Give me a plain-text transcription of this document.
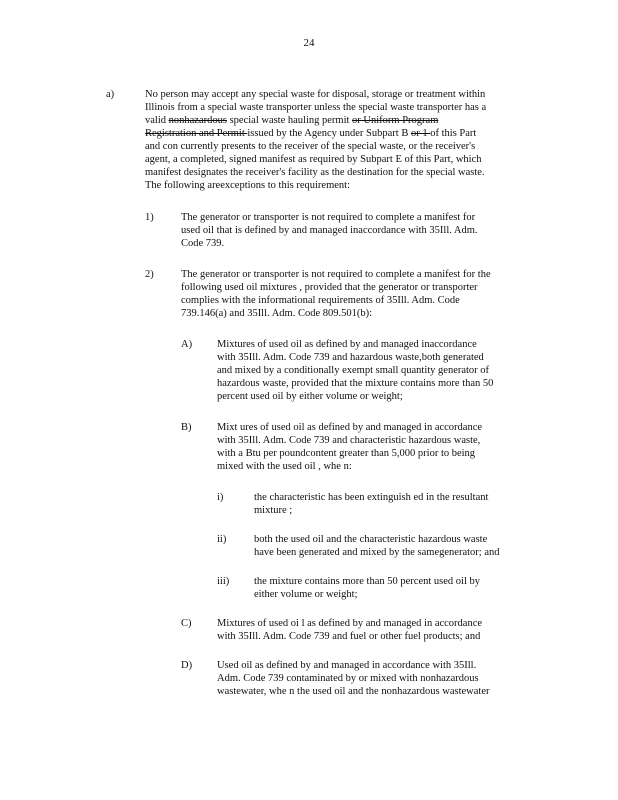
24
a)	No person may accept any special waste for disposal, storage or treatment within
Illinois from a special waste transporter unless the special waste transporter has a
valid nonhazardous special waste hauling permit or Uniform Program
Registration and Permit issued by the Agency under Subpart B or 1 of this Part
and con currently presents to the receiver of the special waste, or the receiver's
agent, a completed, signed manifest as required by Subpart E of this Part, which
manifest designates the receiver's facility as the destination for the special waste.
The following areexceptions to this requirement:
1)	The generator or transporter is not required to complete a manifest for
used oil that is defined by and managed inaccordance with 35Ill. Adm.
Code 739.
2)	The generator or transporter is not required to complete a manifest for the
following used oil mixtures , provided that the generator or transporter
complies with the informational requirements of 35Ill. Adm. Code
739.146(a) and 35Ill. Adm. Code 809.501(b):
A) Mixtures of used oil as defined by and managed inaccordance
with 35Ill. Adm. Code 739 and hazardous waste,both generated
and mixed by a conditionally exempt small quantity generator of
hazardous waste, provided that the mixture contains more than 50
percent used oil by either volume or weight;
B) Mixt ures of used oil as defined by and managed in accordance
with 35Ill. Adm. Code 739 and characteristic hazardous waste,
with a Btu per poundcontent greater than 5,000 prior to being
mixed with the used oil , whe n:
i)	the characteristic has been extinguish ed in the resultant
mixture ;
ii)	both the used oil and the characteristic hazardous waste
have been generated and mixed by the samegenerator; and
iii) the mixture contains more than 50 percent used oil by
either volume or weight;
C) Mixtures of used oi l as defined by and managed in accordance
with 35Ill. Adm. Code 739 and fuel or other fuel products; and
D) Used oil as defined by and managed in accordance with 35Ill.
Adm. Code 739 contaminated by or mixed with nonhazardous
wastewater, whe n the used oil and the nonhazardous wastewater
